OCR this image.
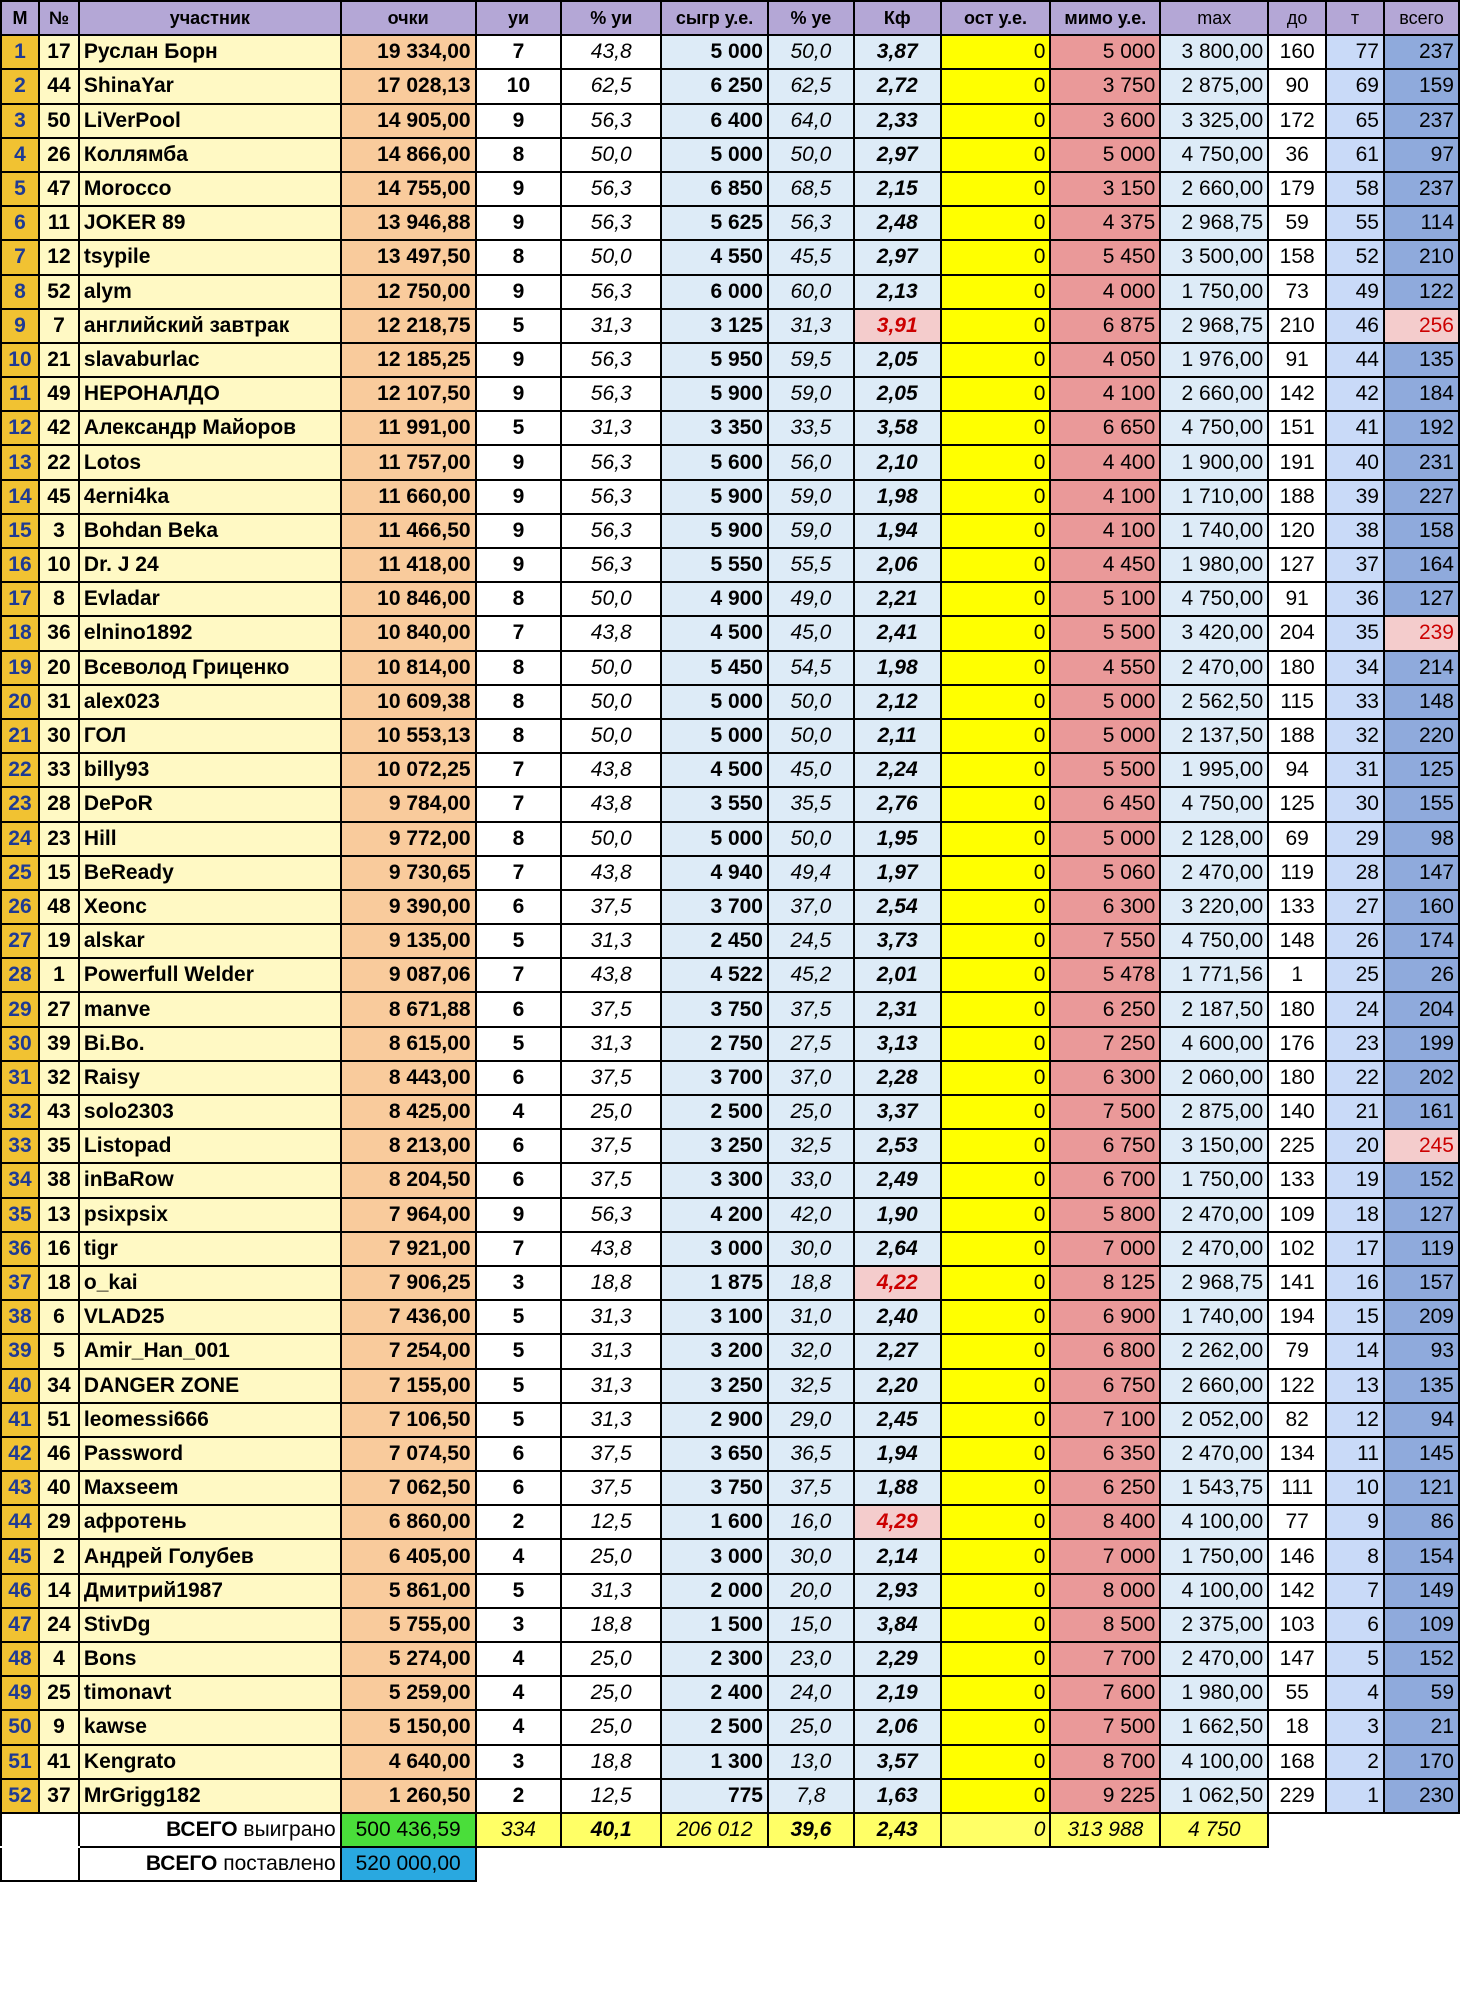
М	№	участник	очки	уи	% уи	сыгр у.е.	% уе	Кф	ост у.е.	мимо у.е.	max	до	т	всего
1	17	Руслан Борн	19 334,00	7	43,8	5 000	50,0	3,87	0	5 000	3 800,00	160	77	237
2	44	ShinaYar	17 028,13	10	62,5	6 250	62,5	2,72	0	3 750	2 875,00	90	69	159
3	50	LiVerPool	14 905,00	9	56,3	6 400	64,0	2,33	0	3 600	3 325,00	172	65	237
4	26	Коллямба	14 866,00	8	50,0	5 000	50,0	2,97	0	5 000	4 750,00	36	61	97
5	47	Morocco	14 755,00	9	56,3	6 850	68,5	2,15	0	3 150	2 660,00	179	58	237
6	11	JOKER 89	13 946,88	9	56,3	5 625	56,3	2,48	0	4 375	2 968,75	59	55	114
7	12	tsypile	13 497,50	8	50,0	4 550	45,5	2,97	0	5 450	3 500,00	158	52	210
8	52	alym	12 750,00	9	56,3	6 000	60,0	2,13	0	4 000	1 750,00	73	49	122
9	7	английский завтрак	12 218,75	5	31,3	3 125	31,3	3,91	0	6 875	2 968,75	210	46	256
10	21	slavaburlac	12 185,25	9	56,3	5 950	59,5	2,05	0	4 050	1 976,00	91	44	135
11	49	НЕРОНАЛДО	12 107,50	9	56,3	5 900	59,0	2,05	0	4 100	2 660,00	142	42	184
12	42	Александр Майоров	11 991,00	5	31,3	3 350	33,5	3,58	0	6 650	4 750,00	151	41	192
13	22	Lotos	11 757,00	9	56,3	5 600	56,0	2,10	0	4 400	1 900,00	191	40	231
14	45	4erni4ka	11 660,00	9	56,3	5 900	59,0	1,98	0	4 100	1 710,00	188	39	227
15	3	Bohdan Beka	11 466,50	9	56,3	5 900	59,0	1,94	0	4 100	1 740,00	120	38	158
16	10	Dr. J 24	11 418,00	9	56,3	5 550	55,5	2,06	0	4 450	1 980,00	127	37	164
17	8	Evladar	10 846,00	8	50,0	4 900	49,0	2,21	0	5 100	4 750,00	91	36	127
18	36	elnino1892	10 840,00	7	43,8	4 500	45,0	2,41	0	5 500	3 420,00	204	35	239
19	20	Всеволод Гриценко	10 814,00	8	50,0	5 450	54,5	1,98	0	4 550	2 470,00	180	34	214
20	31	alex023	10 609,38	8	50,0	5 000	50,0	2,12	0	5 000	2 562,50	115	33	148
21	30	ГОЛ	10 553,13	8	50,0	5 000	50,0	2,11	0	5 000	2 137,50	188	32	220
22	33	billy93	10 072,25	7	43,8	4 500	45,0	2,24	0	5 500	1 995,00	94	31	125
23	28	DePoR	9 784,00	7	43,8	3 550	35,5	2,76	0	6 450	4 750,00	125	30	155
24	23	Hill	9 772,00	8	50,0	5 000	50,0	1,95	0	5 000	2 128,00	69	29	98
25	15	BeReady	9 730,65	7	43,8	4 940	49,4	1,97	0	5 060	2 470,00	119	28	147
26	48	Xeonc	9 390,00	6	37,5	3 700	37,0	2,54	0	6 300	3 220,00	133	27	160
27	19	alskar	9 135,00	5	31,3	2 450	24,5	3,73	0	7 550	4 750,00	148	26	174
28	1	Powerfull Welder	9 087,06	7	43,8	4 522	45,2	2,01	0	5 478	1 771,56	1	25	26
29	27	manve	8 671,88	6	37,5	3 750	37,5	2,31	0	6 250	2 187,50	180	24	204
30	39	Bi.Bo.	8 615,00	5	31,3	2 750	27,5	3,13	0	7 250	4 600,00	176	23	199
31	32	Raisy	8 443,00	6	37,5	3 700	37,0	2,28	0	6 300	2 060,00	180	22	202
32	43	solo2303	8 425,00	4	25,0	2 500	25,0	3,37	0	7 500	2 875,00	140	21	161
33	35	Listopad	8 213,00	6	37,5	3 250	32,5	2,53	0	6 750	3 150,00	225	20	245
34	38	inBaRow	8 204,50	6	37,5	3 300	33,0	2,49	0	6 700	1 750,00	133	19	152
35	13	psixpsix	7 964,00	9	56,3	4 200	42,0	1,90	0	5 800	2 470,00	109	18	127
36	16	tigr	7 921,00	7	43,8	3 000	30,0	2,64	0	7 000	2 470,00	102	17	119
37	18	o_kai	7 906,25	3	18,8	1 875	18,8	4,22	0	8 125	2 968,75	141	16	157
38	6	VLAD25	7 436,00	5	31,3	3 100	31,0	2,40	0	6 900	1 740,00	194	15	209
39	5	Amir_Han_001	7 254,00	5	31,3	3 200	32,0	2,27	0	6 800	2 262,00	79	14	93
40	34	DANGER ZONE	7 155,00	5	31,3	3 250	32,5	2,20	0	6 750	2 660,00	122	13	135
41	51	leomessi666	7 106,50	5	31,3	2 900	29,0	2,45	0	7 100	2 052,00	82	12	94
42	46	Password	7 074,50	6	37,5	3 650	36,5	1,94	0	6 350	2 470,00	134	11	145
43	40	Maxseem	7 062,50	6	37,5	3 750	37,5	1,88	0	6 250	1 543,75	111	10	121
44	29	афротень	6 860,00	2	12,5	1 600	16,0	4,29	0	8 400	4 100,00	77	9	86
45	2	Андрей Голубев	6 405,00	4	25,0	3 000	30,0	2,14	0	7 000	1 750,00	146	8	154
46	14	Дмитрий1987	5 861,00	5	31,3	2 000	20,0	2,93	0	8 000	4 100,00	142	7	149
47	24	StivDg	5 755,00	3	18,8	1 500	15,0	3,84	0	8 500	2 375,00	103	6	109
48	4	Bons	5 274,00	4	25,0	2 300	23,0	2,29	0	7 700	2 470,00	147	5	152
49	25	timonavt	5 259,00	4	25,0	2 400	24,0	2,19	0	7 600	1 980,00	55	4	59
50	9	kawse	5 150,00	4	25,0	2 500	25,0	2,06	0	7 500	1 662,50	18	3	21
51	41	Kengrato	4 640,00	3	18,8	1 300	13,0	3,57	0	8 700	4 100,00	168	2	170
52	37	MrGrigg182	1 260,50	2	12,5	775	7,8	1,63	0	9 225	1 062,50	229	1	230
		ВСЕГО выиграно	500 436,59	334	40,1	206 012	39,6	2,43	0	313 988	4 750			
		ВСЕГО поставлено	520 000,00											
